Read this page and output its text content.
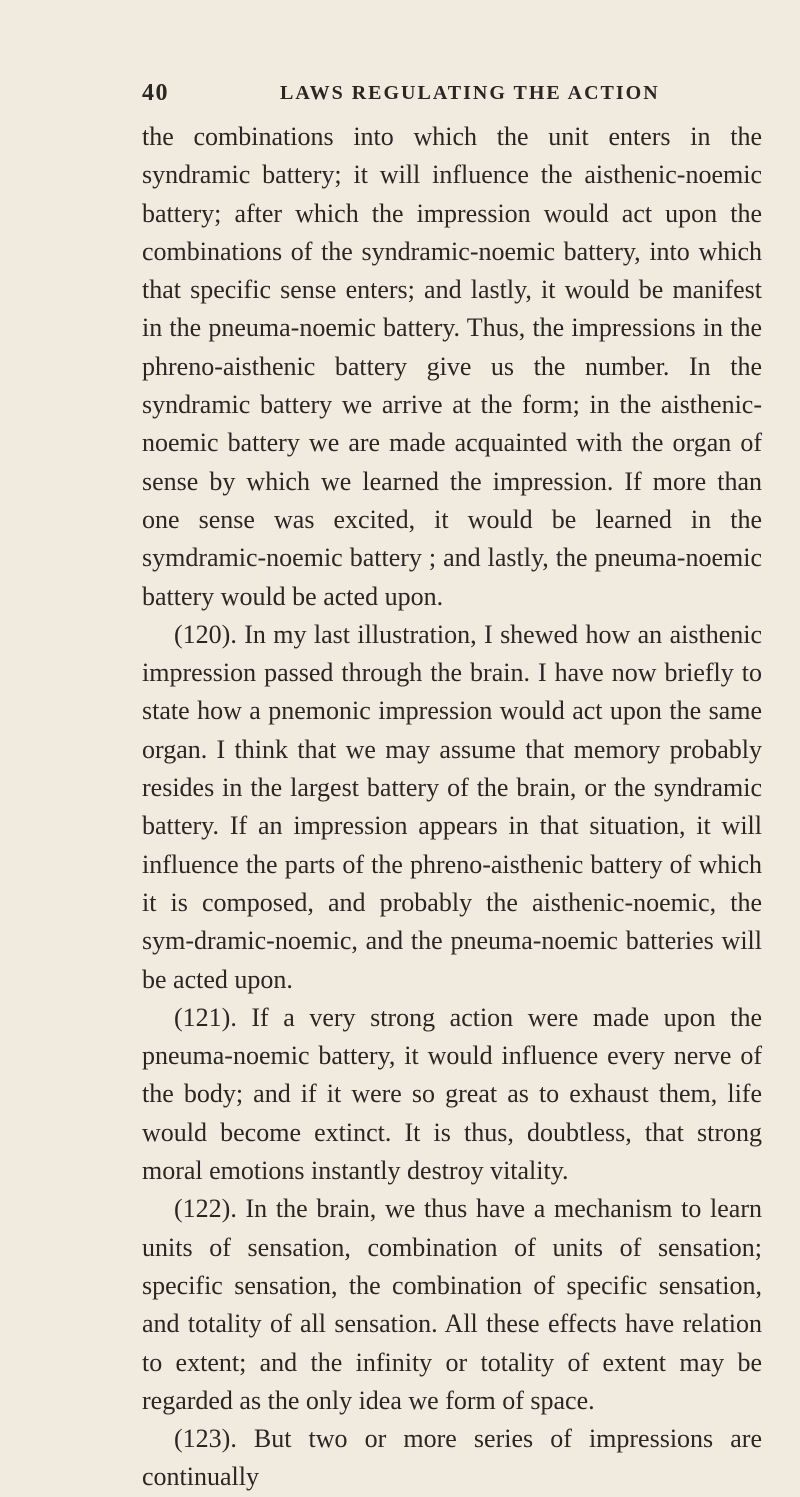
40	LAWS REGULATING THE ACTION

the combinations into which the unit enters in the syndramic battery; it will influence the aisthenic-noemic battery; after which the impression would act upon the combinations of the syndramic-noemic battery, into which that specific sense enters; and lastly, it would be manifest in the pneuma-noemic battery. Thus, the impressions in the phreno-aisthenic battery give us the number. In the syndramic battery we arrive at the form; in the aisthenic-noemic battery we are made acquainted with the organ of sense by which we learned the impression. If more than one sense was excited, it would be learned in the symdramic-noemic battery ; and lastly, the pneuma-noemic battery would be acted upon.

(120). In my last illustration, I shewed how an aisthenic impression passed through the brain. I have now briefly to state how a pnemonic impression would act upon the same organ. I think that we may assume that memory probably resides in the largest battery of the brain, or the syndramic battery. If an impression appears in that situation, it will influence the parts of the phreno-aisthenic battery of which it is composed, and probably the aisthenic-noemic, the sym-dramic-noemic, and the pneuma-noemic batteries will be acted upon.

(121). If a very strong action were made upon the pneuma-noemic battery, it would influence every nerve of the body; and if it were so great as to exhaust them, life would become extinct. It is thus, doubtless, that strong moral emotions instantly destroy vitality.

(122). In the brain, we thus have a mechanism to learn units of sensation, combination of units of sensation; specific sensation, the combination of specific sensation, and totality of all sensation. All these effects have relation to extent; and the infinity or totality of extent may be regarded as the only idea we form of space.

(123). But two or more series of impressions are continually
